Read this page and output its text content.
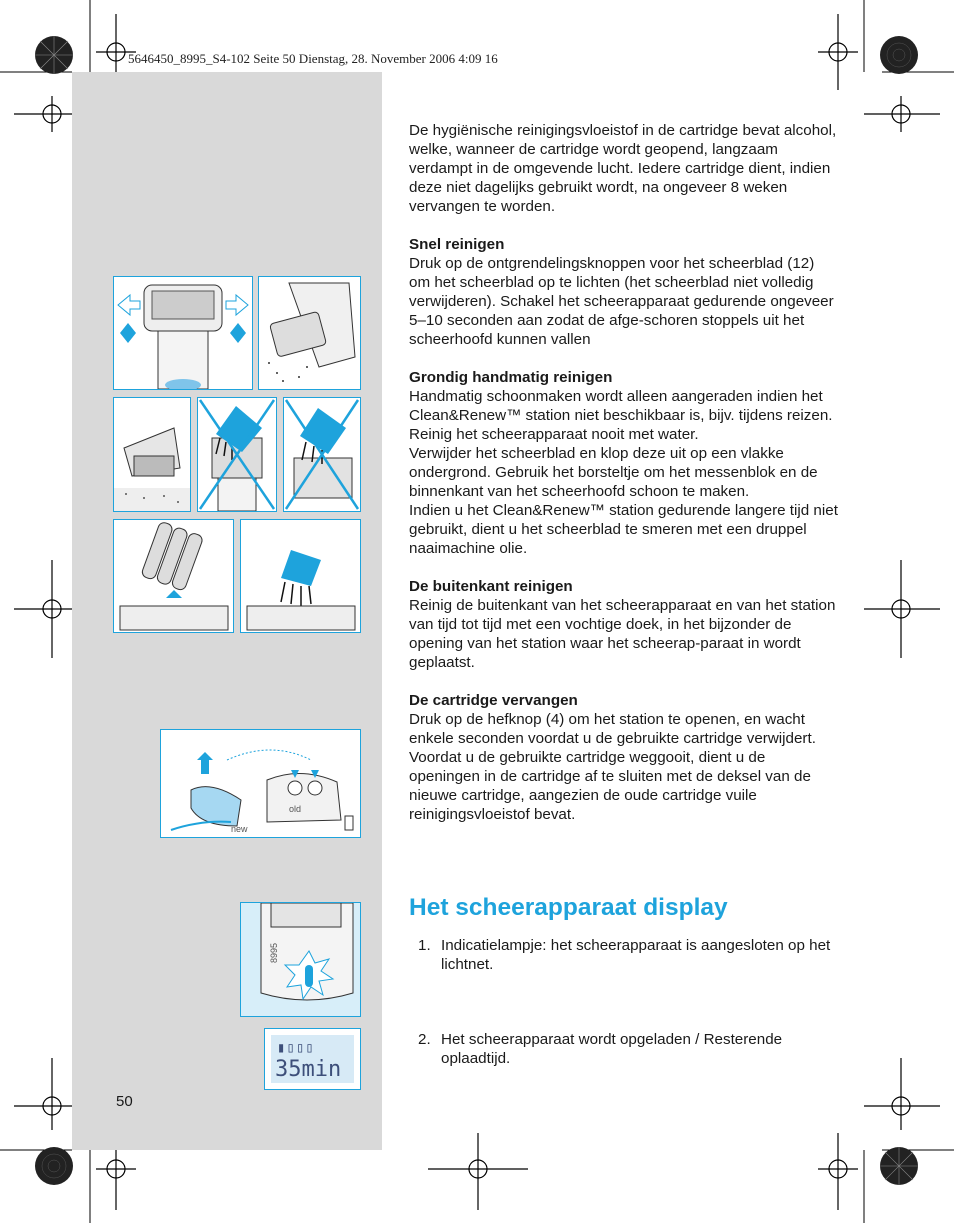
5646450_8995_S4-102 Seite 50 Dienstag, 28. November 2006 4:09 16
old
new
8995
▮▯▯▯
35min
50

De hygiënische reinigingsvloeistof in de cartridge bevat alcohol, welke, wanneer de cartridge wordt geopend, langzaam verdampt in de omgevende lucht. Iedere cartridge dient, indien deze niet dagelijks gebruikt wordt, na ongeveer 8 weken vervangen te worden.

Snel reinigen

Druk op de ontgrendelingsknoppen voor het scheerblad (12) om het scheerblad op te lichten (het scheerblad niet volledig verwijderen). Schakel het scheerapparaat gedurende ongeveer 5–10 seconden aan zodat de afge-schoren stoppels uit het scheerhoofd kunnen vallen

Grondig handmatig reinigen

Handmatig schoonmaken wordt alleen aangeraden indien het Clean&Renew™ station niet beschikbaar is, bijv. tijdens reizen.

Reinig het scheerapparaat nooit met water.

Verwijder het scheerblad en klop deze uit op een vlakke ondergrond. Gebruik het borsteltje om het messenblok en de binnenkant van het scheerhoofd schoon te maken.

Indien u het Clean&Renew™ station gedurende langere tijd niet gebruikt, dient u het scheerblad te smeren met een druppel naaimachine olie.

De buitenkant reinigen

Reinig de buitenkant van het scheerapparaat en van het station van tijd tot tijd met een vochtige doek, in het bijzonder de opening van het station waar het scheerap-paraat in wordt geplaatst.

De cartridge vervangen

Druk op de hefknop (4) om het station te openen, en wacht enkele seconden voordat u de gebruikte cartridge verwijdert.

Voordat u de gebruikte cartridge weggooit, dient u de openingen in de cartridge af te sluiten met de deksel van de nieuwe cartridge, aangezien de oude cartridge vuile reinigingsvloeistof bevat.

Het scheerapparaat display
1. Indicatielampje: het scheerapparaat is aangesloten op het lichtnet.
2. Het scheerapparaat wordt opgeladen / Resterende oplaadtijd.
